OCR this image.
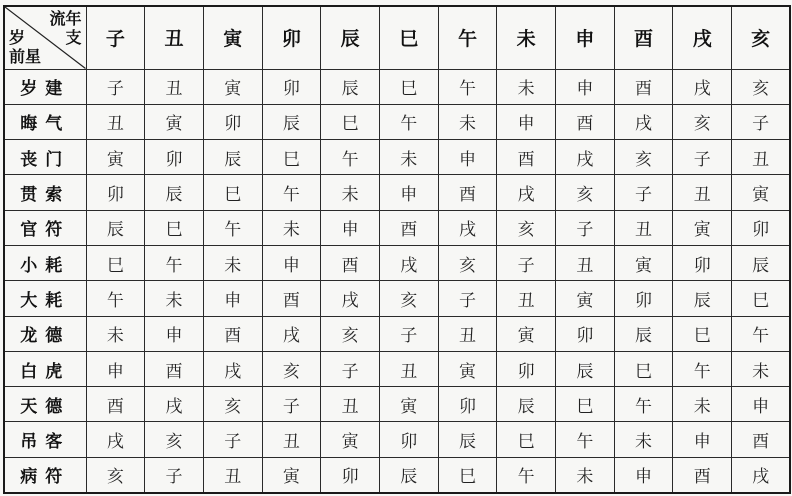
流年
支
岁
前星	子	丑	寅	卯	辰	巳	午	未	申	酉	戌	亥
岁建	子	丑	寅	卯	辰	巳	午	未	申	酉	戌	亥
晦气	丑	寅	卯	辰	巳	午	未	申	酉	戌	亥	子
丧门	寅	卯	辰	巳	午	未	申	酉	戌	亥	子	丑
贯索	卯	辰	巳	午	未	申	酉	戌	亥	子	丑	寅
官符	辰	巳	午	未	申	酉	戌	亥	子	丑	寅	卯
小耗	巳	午	未	申	酉	戌	亥	子	丑	寅	卯	辰
大耗	午	未	申	酉	戌	亥	子	丑	寅	卯	辰	巳
龙德	未	申	酉	戌	亥	子	丑	寅	卯	辰	巳	午
白虎	申	酉	戌	亥	子	丑	寅	卯	辰	巳	午	未
天德	酉	戌	亥	子	丑	寅	卯	辰	巳	午	未	申
吊客	戌	亥	子	丑	寅	卯	辰	巳	午	未	申	酉
病符	亥	子	丑	寅	卯	辰	巳	午	未	申	酉	戌
